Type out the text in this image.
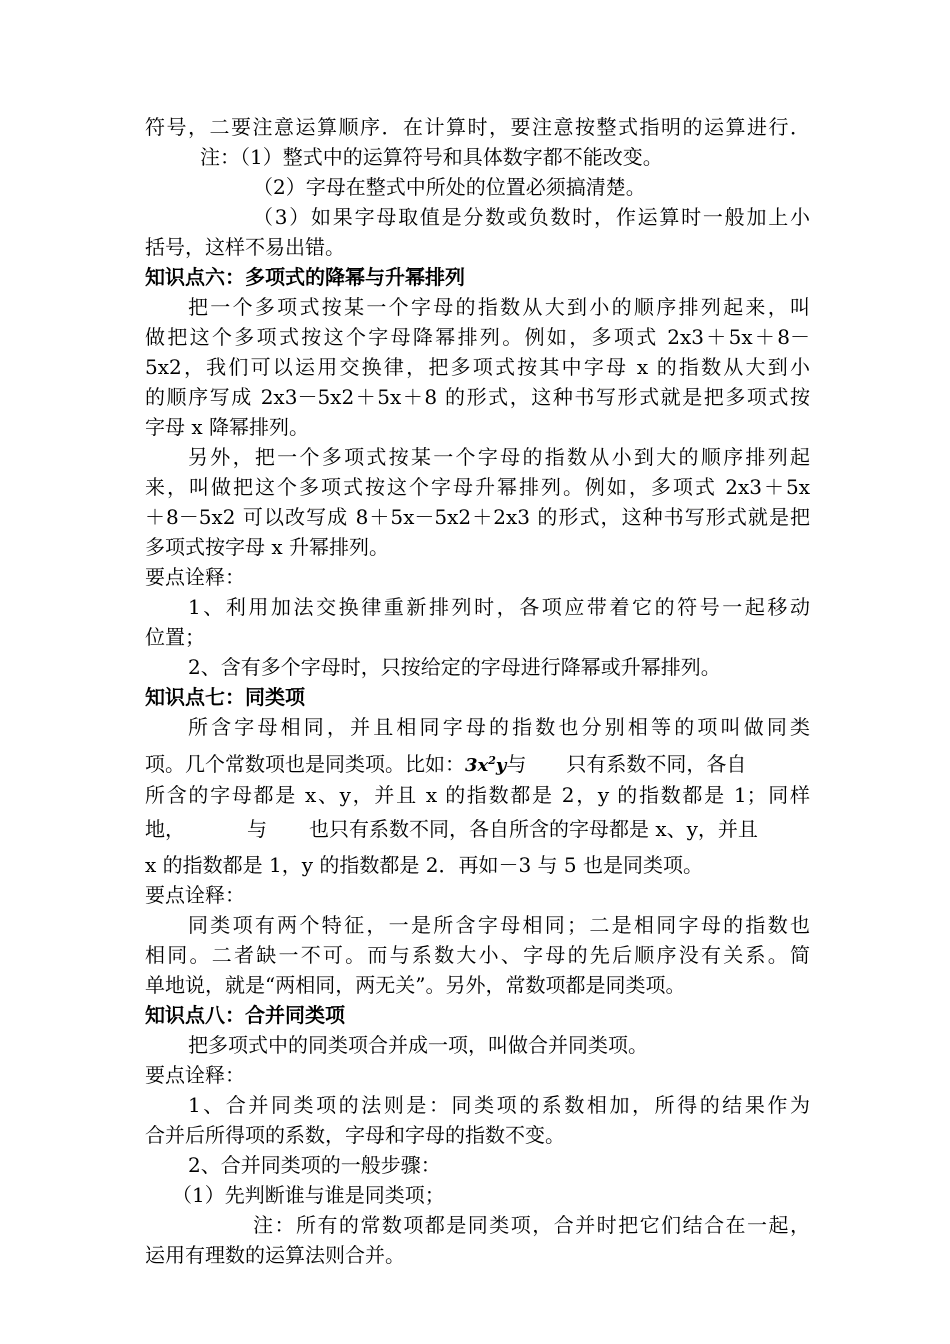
符号，二要注意运算顺序．在计算时，要注意按整式指明的运算进行．
注：（1）整式中的运算符号和具体数字都不能改变。
（2）字母在整式中所处的位置必须搞清楚。
（3）如果字母取值是分数或负数时，作运算时一般加上小
括号，这样不易出错。
知识点六：多项式的降幂与升幂排列
把一个多项式按某一个字母的指数从大到小的顺序排列起来，叫
做把这个多项式按这个字母降幂排列。例如，多项式 2x3＋5x＋8－
5x2，我们可以运用交换律，把多项式按其中字母 x 的指数从大到小
的顺序写成 2x3－5x2＋5x＋8 的形式，这种书写形式就是把多项式按
字母 x 降幂排列。
另外，把一个多项式按某一个字母的指数从小到大的顺序排列起
来，叫做把这个多项式按这个字母升幂排列。例如，多项式 2x3＋5x
＋8－5x2 可以改写成 8＋5x－5x2＋2x3 的形式，这种书写形式就是把
多项式按字母 x 升幂排列。
要点诠释：
1、利用加法交换律重新排列时，各项应带着它的符号一起移动
位置；
2、含有多个字母时，只按给定的字母进行降幂或升幂排列。
知识点七：同类项
所含字母相同，并且相同字母的指数也分别相等的项叫做同类
项。几个常数项也是同类项。比如：$3x^2y$与 只有系数不同，各自
所含的字母都是 x、y，并且 x 的指数都是 2，y 的指数都是 1；同样
地，	与 也只有系数不同，各自所含的字母都是 x、y，并且
x 的指数都是 1，y 的指数都是 2．再如－3 与 5 也是同类项。
要点诠释：
同类项有两个特征，一是所含字母相同；二是相同字母的指数也
相同。二者缺一不可。而与系数大小、字母的先后顺序没有关系。简
单地说，就是“两相同，两无关”。另外，常数项都是同类项。
知识点八：合并同类项
把多项式中的同类项合并成一项，叫做合并同类项。
要点诠释：
1、合并同类项的法则是：同类项的系数相加，所得的结果作为
合并后所得项的系数，字母和字母的指数不变。
2、合并同类项的一般步骤：
（1）先判断谁与谁是同类项；
注：所有的常数项都是同类项，合并时把它们结合在一起，
运用有理数的运算法则合并。
